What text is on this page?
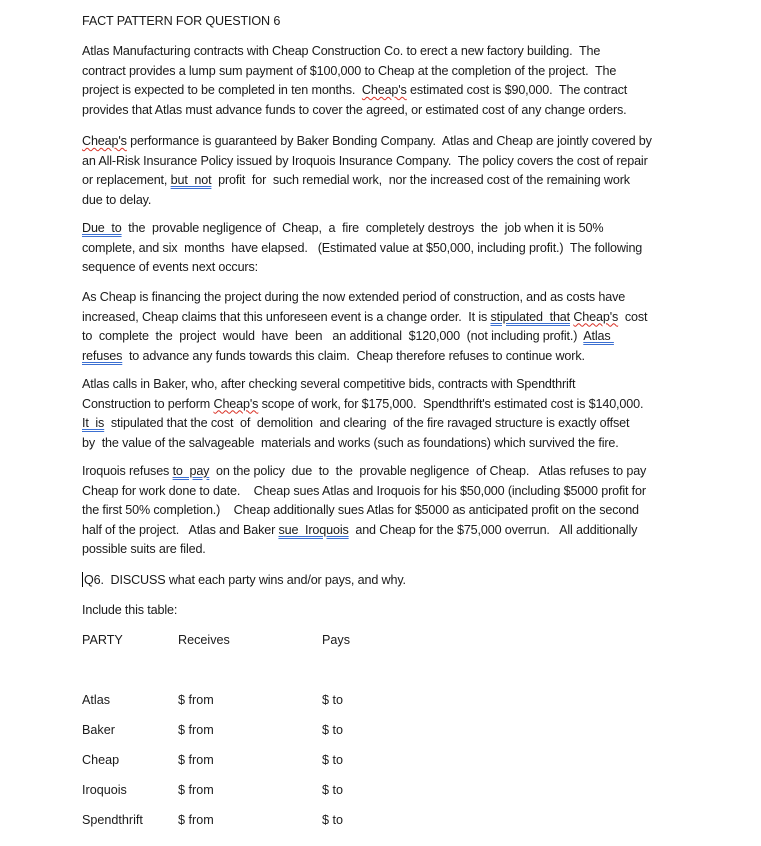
FACT PATTERN FOR QUESTION 6
Atlas Manufacturing contracts with Cheap Construction Co. to erect a new factory building.  The
contract provides a lump sum payment of $100,000 to Cheap at the completion of the project.  The
project is expected to be completed in ten months.  Cheap's estimated cost is $90,000.  The contract
provides that Atlas must advance funds to cover the agreed, or estimated cost of any change orders.
Cheap's performance is guaranteed by Baker Bonding Company.  Atlas and Cheap are jointly covered by
an All-Risk Insurance Policy issued by Iroquois Insurance Company.  The policy covers the cost of repair
or replacement, but  not  profit  for  such remedial work,  nor the increased cost of the remaining work
due to delay.
Due  to  the  provable negligence of  Cheap,  a  fire  completely destroys  the  job when it is 50%
complete, and six  months  have elapsed.   (Estimated value at $50,000, including profit.)  The following
sequence of events next occurs:
As Cheap is financing the project during the now extended period of construction, and as costs have
increased, Cheap claims that this unforeseen event is a change order.  It is stipulated  that Cheap's  cost
to  complete  the  project  would  have  been   an additional  $120,000  (not including profit.)  Atlas
refuses  to advance any funds towards this claim.  Cheap therefore refuses to continue work.
Atlas calls in Baker, who, after checking several competitive bids, contracts with Spendthrift
Construction to perform Cheap's scope of work, for $175,000.  Spendthrift's estimated cost is $140,000.
It  is  stipulated that the cost  of  demolition  and clearing  of the fire ravaged structure is exactly offset
by  the value of the salvageable  materials and works (such as foundations) which survived the fire.
Iroquois refuses to  pay  on the policy  due  to  the  provable negligence  of Cheap.   Atlas refuses to pay
Cheap for work done to date.    Cheap sues Atlas and Iroquois for his $50,000 (including $5000 profit for
the first 50% completion.)    Cheap additionally sues Atlas for $5000 as anticipated profit on the second
half of the project.   Atlas and Baker sue  Iroquois  and Cheap for the $75,000 overrun.   All additionally
possible suits are filed.
Q6.  DISCUSS what each party wins and/or pays, and why.
Include this table:
PARTY	Receives	Pays
Atlas	$ from	$ to
Baker	$ from	$ to
Cheap	$ from	$ to
Iroquois	$ from	$ to
Spendthrift	$ from	$ to
